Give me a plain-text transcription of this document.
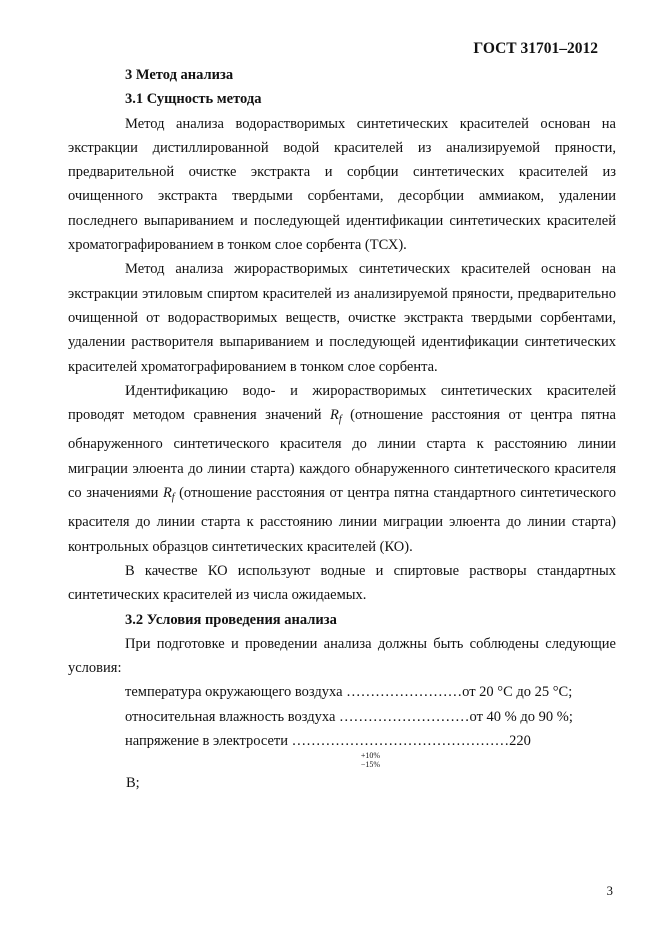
ГОСТ 31701–2012

3 Метод анализа

3.1 Сущность метода

Метод анализа водорастворимых синтетических красителей основан на экстракции дистиллированной водой красителей из анализируемой пряности, предварительной очистке экстракта и сорбции синтетических красителей из очищенного экстракта твердыми сорбентами, десорбции аммиаком, удалении последнего выпариванием и последующей идентификации синтетических красителей хроматографированием в тонком слое сорбента (ТСХ).

Метод анализа жирорастворимых синтетических красителей основан на экстракции этиловым спиртом красителей из анализируемой пряности, предварительно очищенной от водорастворимых веществ, очистке экстракта твердыми сорбентами, удалении растворителя выпариванием и последующей идентификации синтетических красителей хроматографированием в тонком слое сорбента.

Идентификацию водо- и жирорастворимых синтетических красителей проводят методом сравнения значений $R_f$ (отношение расстояния от центра пятна обнаруженного синтетического красителя до линии старта к расстоянию линии миграции элюента до линии старта) каждого обнаруженного синтетического красителя со значениями $R_f$ (отношение расстояния от центра пятна стандартного синтетического красителя до линии старта к расстоянию линии миграции элюента до линии старта) контрольных образцов синтетических красителей (КО).

В качестве КО используют водные и спиртовые растворы стандартных синтетических красителей из числа ожидаемых.

3.2 Условия проведения анализа

При подготовке и проведении анализа должны быть соблюдены следующие условия:

температура окружающего воздуха ……………………от 20 °С до 25 °С;

относительная влажность воздуха ………………………от 40 % до 90 %;

напряжение в электросети ………………………………………220
+10%
−15%
В;

3
